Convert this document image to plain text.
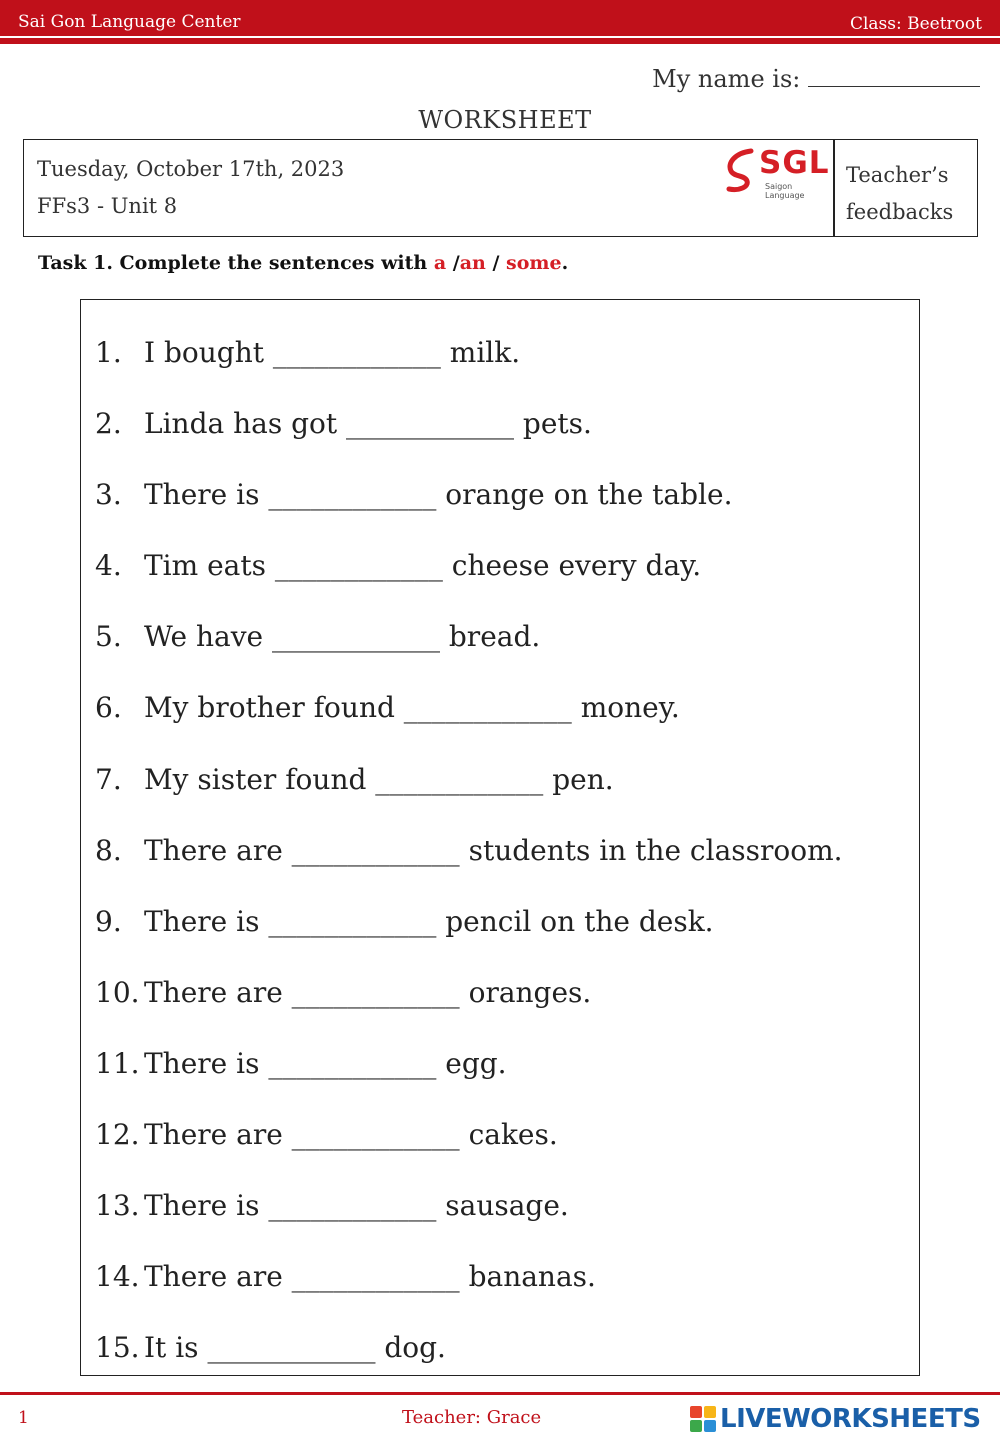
Sai Gon Language Center	Class: Beetroot
My name is:
WORKSHEET
Tuesday, October 17th, 2023
FFs3 - Unit 8
SGL
Saigon Language
Teacher’s
feedbacks
Task 1. Complete the sentences with a /an / some.
1. I bought ____________ milk.
2. Linda has got ____________ pets.
3. There is ____________ orange on the table.
4. Tim eats ____________ cheese every day.
5. We have ____________ bread.
6. My brother found ____________ money.
7. My sister found ____________ pen.
8. There are ____________ students in the classroom.
9. There is ____________ pencil on the desk.
10. There are ____________ oranges.
11. There is ____________ egg.
12. There are ____________ cakes.
13. There is ____________ sausage.
14. There are ____________ bananas.
15. It is ____________ dog.
1	Teacher: Grace	LIVEWORKSHEETS
